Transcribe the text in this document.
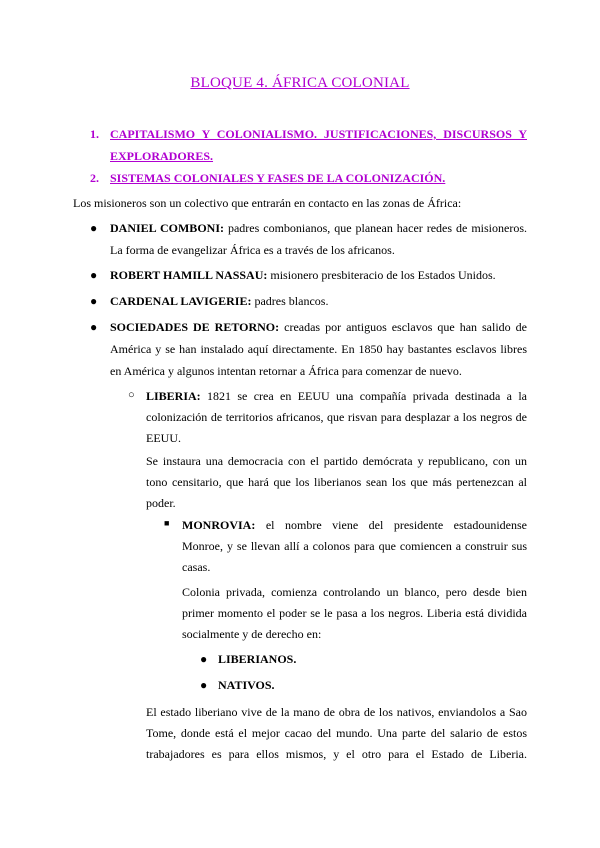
BLOQUE 4. ÁFRICA COLONIAL
1. CAPITALISMO Y COLONIALISMO. JUSTIFICACIONES, DISCURSOS Y
EXPLORADORES.
2. SISTEMAS COLONIALES Y FASES DE LA COLONIZACIÓN.
Los misioneros son un colectivo que entrarán en contacto en las zonas de África:
● DANIEL COMBONI: padres combonianos, que planean hacer redes de misioneros.
La forma de evangelizar África es a través de los africanos.
● ROBERT HAMILL NASSAU: misionero presbiteracio de los Estados Unidos.
● CARDENAL LAVIGERIE: padres blancos.
● SOCIEDADES DE RETORNO: creadas por antiguos esclavos que han salido de
América y se han instalado aquí directamente. En 1850 hay bastantes esclavos libres
en América y algunos intentan retornar a África para comenzar de nuevo.
○ LIBERIA: 1821 se crea en EEUU una compañía privada destinada a la
colonización de territorios africanos, que risvan para desplazar a los negros de
EEUU.
Se instaura una democracia con el partido demócrata y republicano, con un
tono censitario, que hará que los liberianos sean los que más pertenezcan al
poder.
■ MONROVIA: el nombre viene del presidente estadounidense
Monroe, y se llevan allí a colonos para que comiencen a construir sus
casas.
Colonia privada, comienza controlando un blanco, pero desde bien
primer momento el poder se le pasa a los negros. Liberia está dividida
socialmente y de derecho en:
● LIBERIANOS.
● NATIVOS.
El estado liberiano vive de la mano de obra de los nativos, enviandolos a Sao
Tome, donde está el mejor cacao del mundo. Una parte del salario de estos
trabajadores es para ellos mismos, y el otro para el Estado de Liberia.
